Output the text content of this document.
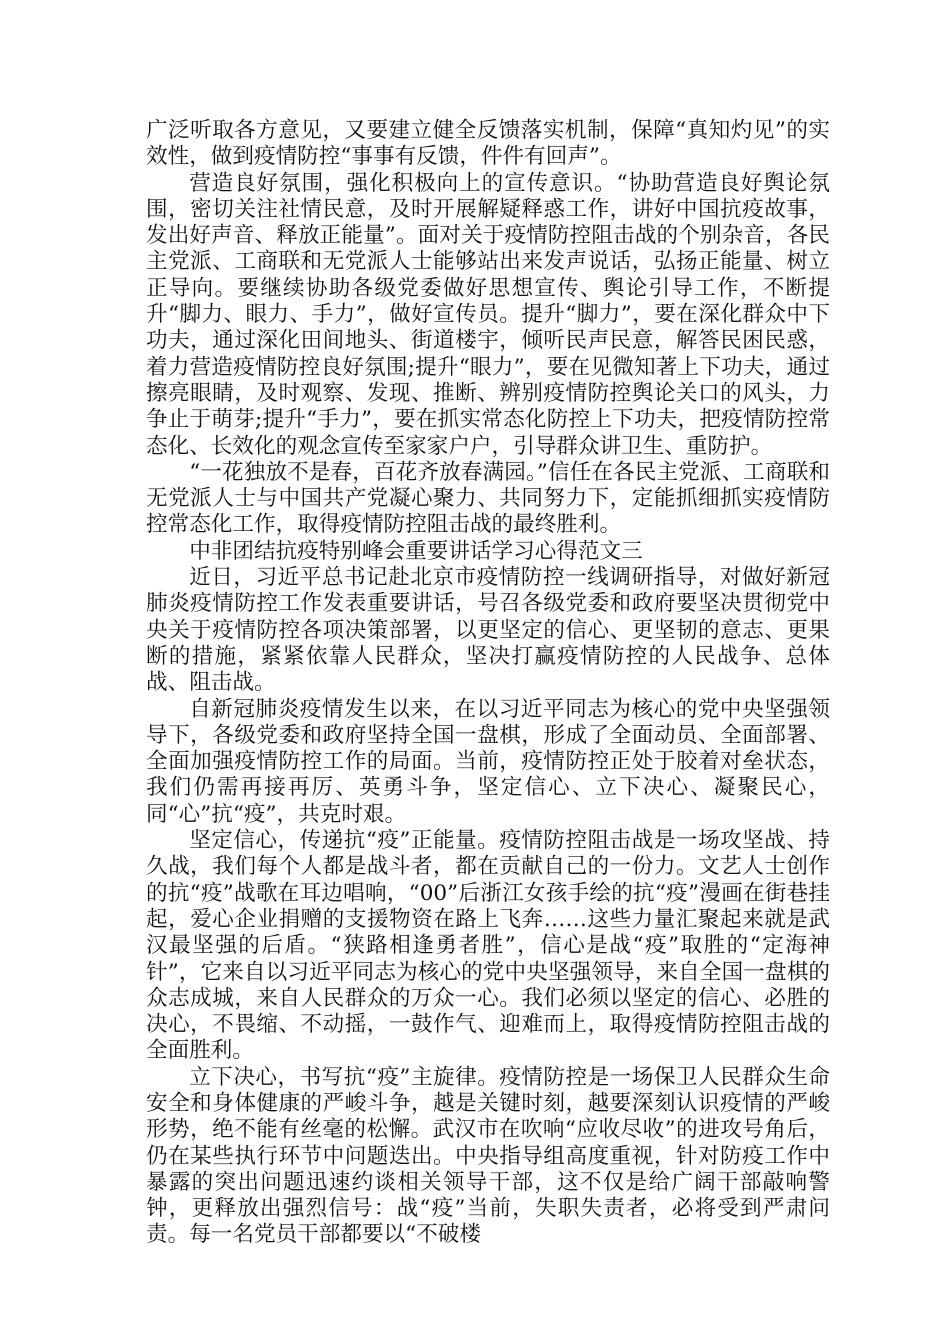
广泛听取各方意见，又要建立健全反馈落实机制，保障“真知灼见”的实效性，做到疫情防控“事事有反馈，件件有回声”。

营造良好氛围，强化积极向上的宣传意识。“协助营造良好舆论氛围，密切关注社情民意，及时开展解疑释惑工作，讲好中国抗疫故事，发出好声音、释放正能量”。面对关于疫情防控阻击战的个别杂音，各民主党派、工商联和无党派人士能够站出来发声说话，弘扬正能量、树立正导向。要继续协助各级党委做好思想宣传、舆论引导工作，不断提升“脚力、眼力、手力”，做好宣传员。提升“脚力”，要在深化群众中下功夫，通过深化田间地头、街道楼宇，倾听民声民意，解答民困民惑，着力营造疫情防控良好氛围;提升“眼力”，要在见微知著上下功夫，通过擦亮眼睛，及时观察、发现、推断、辨别疫情防控舆论关口的风头，力争止于萌芽;提升“手力”，要在抓实常态化防控上下功夫，把疫情防控常态化、长效化的观念宣传至家家户户，引导群众讲卫生、重防护。

“一花独放不是春，百花齐放春满园。”信任在各民主党派、工商联和无党派人士与中国共产党凝心聚力、共同努力下，定能抓细抓实疫情防控常态化工作，取得疫情防控阻击战的最终胜利。

中非团结抗疫特别峰会重要讲话学习心得范文三

近日，习近平总书记赴北京市疫情防控一线调研指导，对做好新冠肺炎疫情防控工作发表重要讲话，号召各级党委和政府要坚决贯彻党中央关于疫情防控各项决策部署，以更坚定的信心、更坚韧的意志、更果断的措施，紧紧依靠人民群众，坚决打赢疫情防控的人民战争、总体战、阻击战。

自新冠肺炎疫情发生以来，在以习近平同志为核心的党中央坚强领导下，各级党委和政府坚持全国一盘棋，形成了全面动员、全面部署、全面加强疫情防控工作的局面。当前，疫情防控正处于胶着对垒状态，我们仍需再接再厉、英勇斗争，坚定信心、立下决心、凝聚民心，同“心”抗“疫”，共克时艰。

坚定信心，传递抗“疫”正能量。疫情防控阻击战是一场攻坚战、持久战，我们每个人都是战斗者，都在贡献自己的一份力。文艺人士创作的抗“疫”战歌在耳边唱响，“00”后浙江女孩手绘的抗“疫”漫画在街巷挂起，爱心企业捐赠的支援物资在路上飞奔……这些力量汇聚起来就是武汉最坚强的后盾。“狭路相逢勇者胜”，信心是战“疫”取胜的“定海神针”，它来自以习近平同志为核心的党中央坚强领导，来自全国一盘棋的众志成城，来自人民群众的万众一心。我们必须以坚定的信心、必胜的决心，不畏缩、不动摇，一鼓作气、迎难而上，取得疫情防控阻击战的全面胜利。

立下决心，书写抗“疫”主旋律。疫情防控是一场保卫人民群众生命安全和身体健康的严峻斗争，越是关键时刻，越要深刻认识疫情的严峻形势，绝不能有丝毫的松懈。武汉市在吹响“应收尽收”的进攻号角后，仍在某些执行环节中问题迭出。中央指导组高度重视，针对防疫工作中暴露的突出问题迅速约谈相关领导干部，这不仅是给广阔干部敲响警钟，更释放出强烈信号：战“疫”当前，失职失责者，必将受到严肃问责。每一名党员干部都要以“不破楼
